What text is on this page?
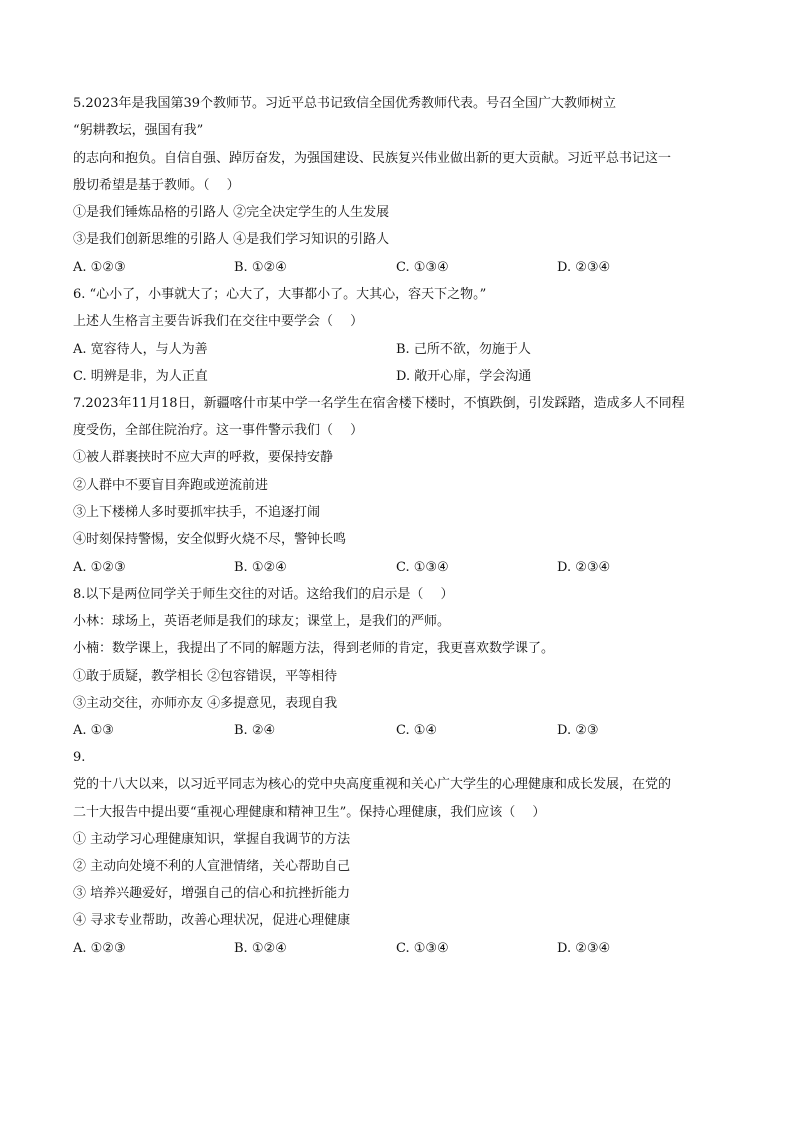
5.2023年是我国第39个教师节。习近平总书记致信全国优秀教师代表。号召全国广大教师树立
“躬耕教坛，强国有我”
的志向和抱负。自信自强、踔厉奋发，为强国建设、民族复兴伟业做出新的更大贡献。习近平总书记这一
殷切希望是基于教师。（　 ）
①是我们锤炼品格的引路人 ②完全决定学生的人生发展
③是我们创新思维的引路人 ④是我们学习知识的引路人
A. ①②③	B. ①②④	C. ①③④	D. ②③④
6. “心小了，小事就大了；心大了，大事都小了。大其心，容天下之物。”
上述人生格言主要告诉我们在交往中要学会（　 ）
A. 宽容待人，与人为善	B. 己所不欲，勿施于人
C. 明辨是非，为人正直	D. 敞开心扉，学会沟通
7.2023年11月18日，新疆喀什市某中学一名学生在宿舍楼下楼时，不慎跌倒，引发踩踏，造成多人不同程
度受伤，全部住院治疗。这一事件警示我们（　 ）
①被人群裹挟时不应大声的呼救，要保持安静
②人群中不要盲目奔跑或逆流前进
③上下楼梯人多时要抓牢扶手，不追逐打闹
④时刻保持警惕，安全似野火烧不尽，警钟长鸣
A. ①②③	B. ①②④	C. ①③④	D. ②③④
8.以下是两位同学关于师生交往的对话。这给我们的启示是（　 ）
小林：球场上，英语老师是我们的球友；课堂上，是我们的严师。
小楠：数学课上，我提出了不同的解题方法，得到老师的肯定，我更喜欢数学课了。
①敢于质疑，教学相长 ②包容错误，平等相待
③主动交往，亦师亦友 ④多提意见，表现自我
A. ①③	B. ②④	C. ①④	D. ②③
9.
党的十八大以来，以习近平同志为核心的党中央高度重视和关心广大学生的心理健康和成长发展，在党的
二十大报告中提出要“重视心理健康和精神卫生”。保持心理健康，我们应该（　 ）
① 主动学习心理健康知识，掌握自我调节的方法
② 主动向处境不利的人宣泄情绪，关心帮助自己
③ 培养兴趣爱好，增强自己的信心和抗挫折能力
④ 寻求专业帮助，改善心理状况，促进心理健康
A. ①②③	B. ①②④	C. ①③④	D. ②③④
